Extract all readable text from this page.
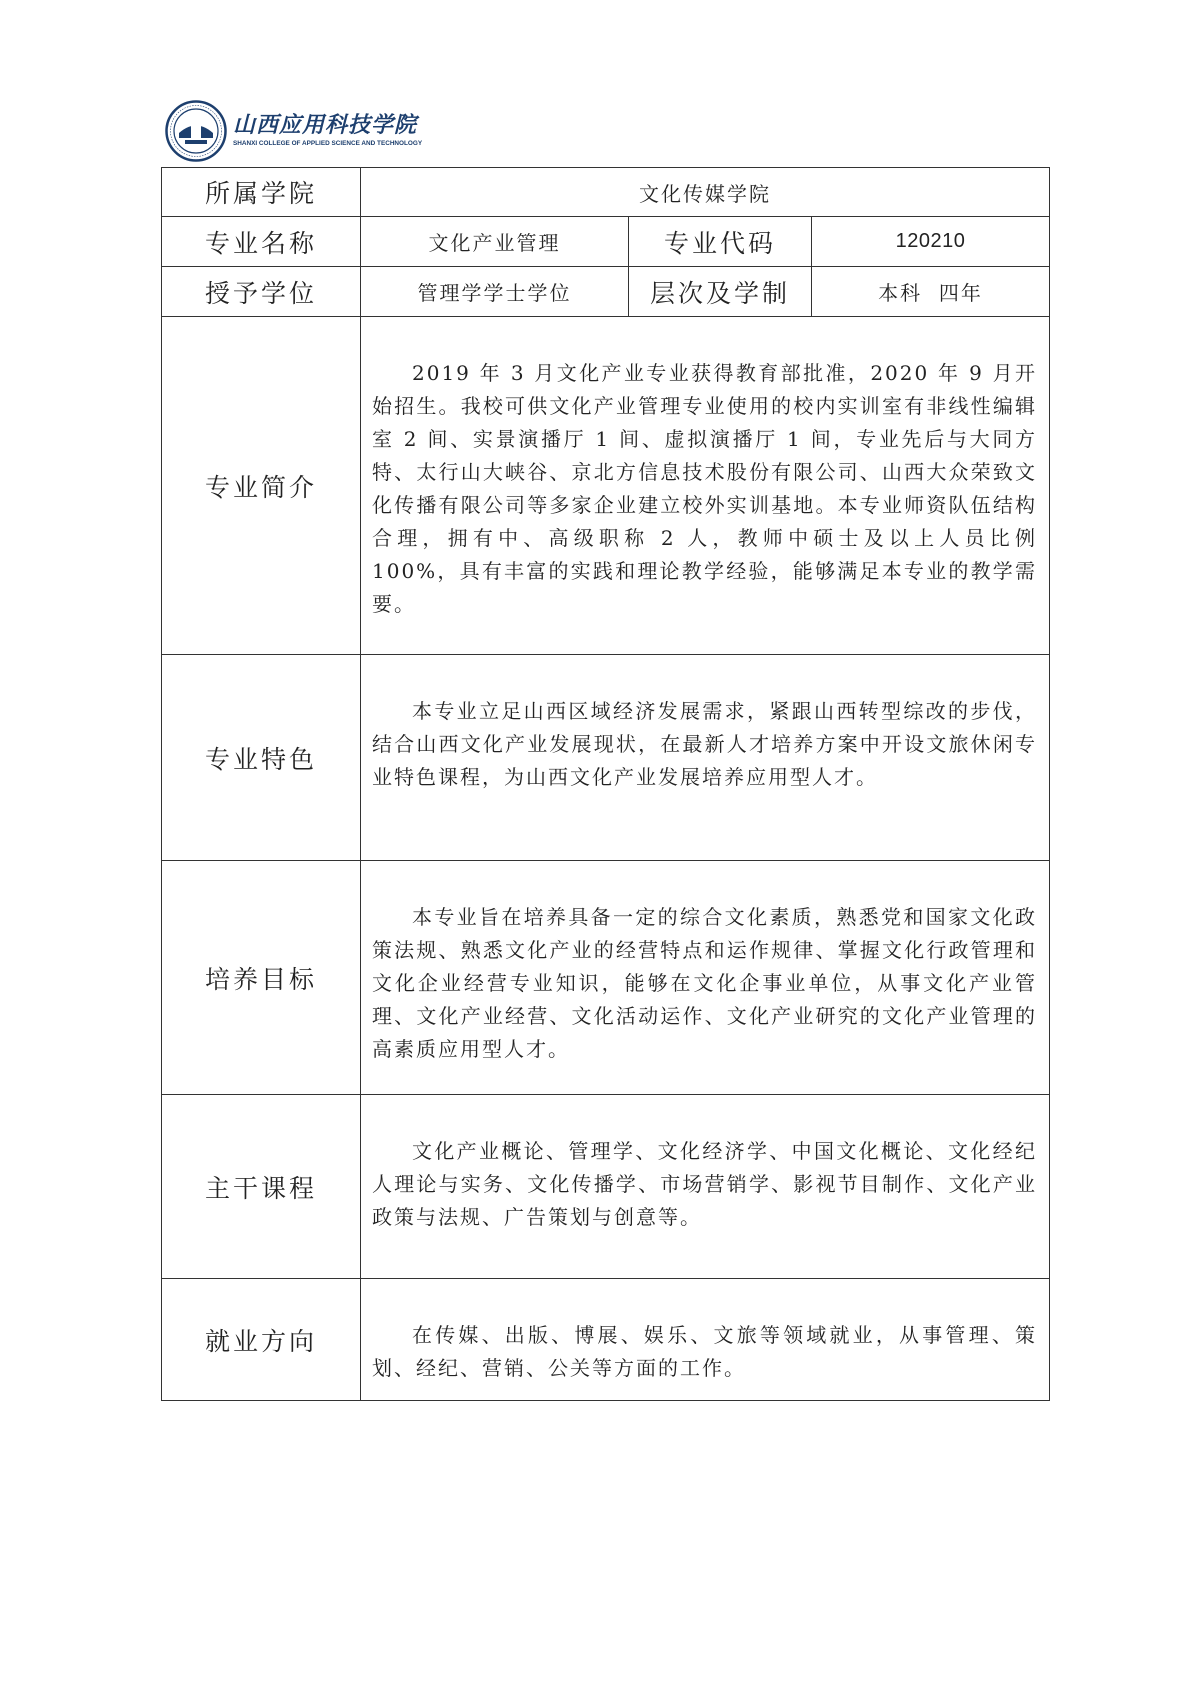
山西应用科技学院
SHANXI COLLEGE OF APPLIED SCIENCE AND TECHNOLOGY
所属学院	文化传媒学院		
专业名称	文化产业管理	专业代码	120210
授予学位	管理学学士学位	层次及学制	本科  四年
专业简介	2019 年 3 月文化产业专业获得教育部批准，2020 年 9 月开始招生。我校可供文化产业管理专业使用的校内实训室有非线性编辑室 2 间、实景演播厅 1 间、虚拟演播厅 1 间，专业先后与大同方特、太行山大峡谷、京北方信息技术股份有限公司、山西大众荣致文化传播有限公司等多家企业建立校外实训基地。本专业师资队伍结构合理，拥有中、高级职称 2 人，教师中硕士及以上人员比例 100%，具有丰富的实践和理论教学经验，能够满足本专业的教学需要。		

专业特色	本专业立足山西区域经济发展需求，紧跟山西转型综改的步伐，结合山西文化产业发展现状，在最新人才培养方案中开设文旅休闲专业特色课程，为山西文化产业发展培养应用型人才。		

培养目标	本专业旨在培养具备一定的综合文化素质，熟悉党和国家文化政策法规、熟悉文化产业的经营特点和运作规律、掌握文化行政管理和文化企业经营专业知识，能够在文化企事业单位，从事文化产业管理、文化产业经营、文化活动运作、文化产业研究的文化产业管理的高素质应用型人才。		

主干课程	文化产业概论、管理学、文化经济学、中国文化概论、文化经纪人理论与实务、文化传播学、市场营销学、影视节目制作、文化产业政策与法规、广告策划与创意等。		

就业方向	在传媒、出版、博展、娱乐、文旅等领域就业，从事管理、策划、经纪、营销、公关等方面的工作。		
